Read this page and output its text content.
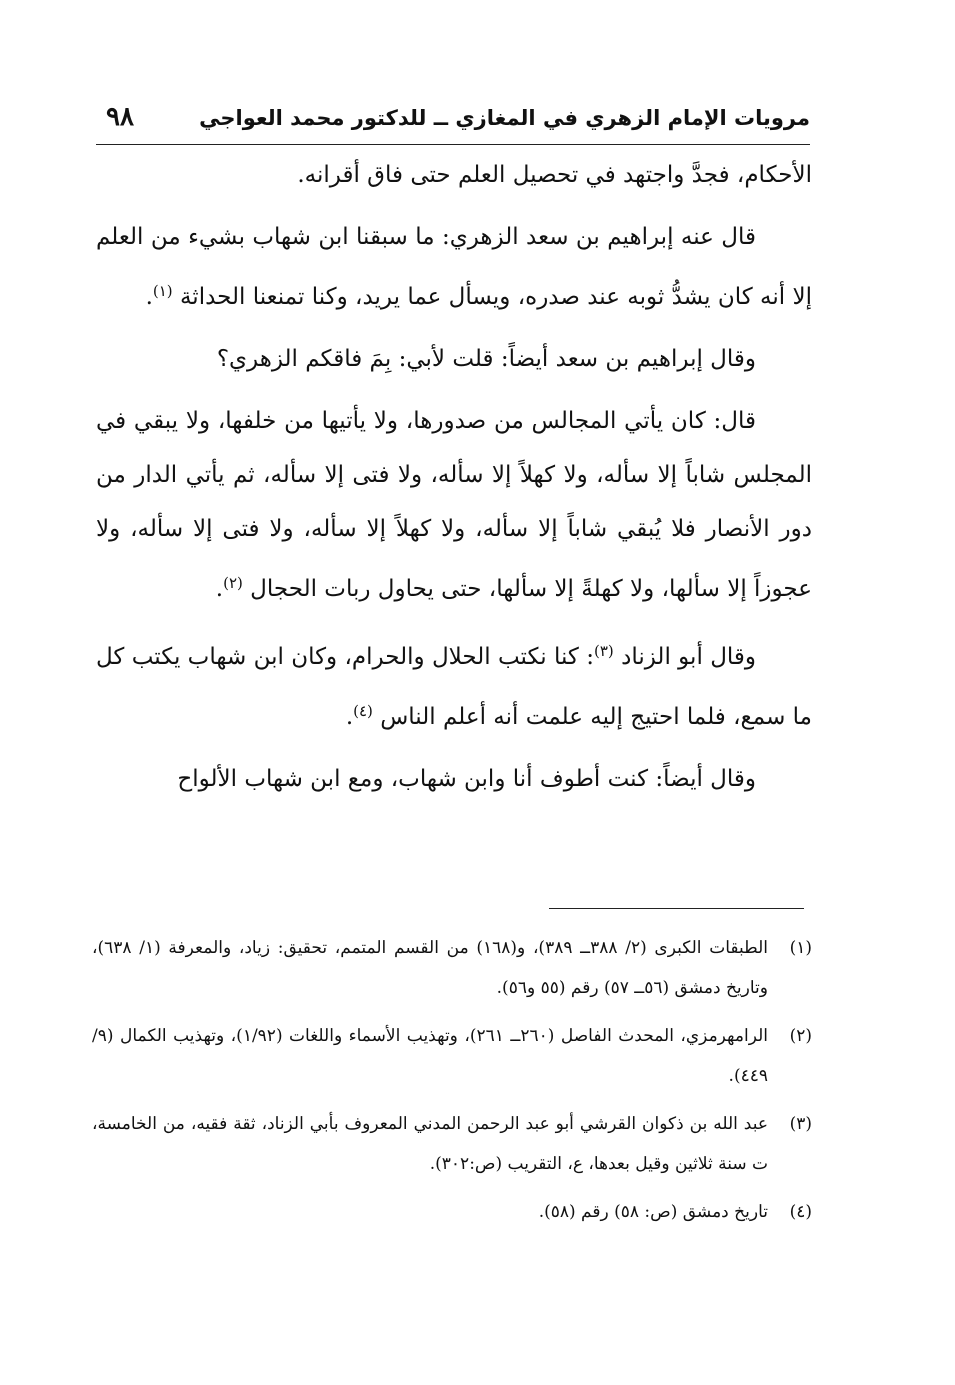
مرويات الإمام الزهري في المغازي ــ للدكتور محمد العواجي
٩٨

الأحكام، فجدَّ واجتهد في تحصيل العلم حتى فاق أقرانه.

قال عنه إبراهيم بن سعد الزهري: ما سبقنا ابن شهاب بشيء من العلم إلا أنه كان يشدُّ ثوبه عند صدره، ويسأل عما يريد، وكنا تمنعنا الحداثة $^{(١)}$.

وقال إبراهيم بن سعد أيضاً: قلت لأبي: بِمَ فاقكم الزهري؟

قال: كان يأتي المجالس من صدورها، ولا يأتيها من خلفها، ولا يبقي في المجلس شاباً إلا سأله، ولا كهلاً إلا سأله، ولا فتى إلا سأله، ثم يأتي الدار من دور الأنصار فلا يُبقي شاباً إلا سأله، ولا كهلاً إلا سأله، ولا فتى إلا سأله، ولا عجوزاً إلا سألها، ولا كهلةً إلا سألها، حتى يحاول ربات الحجال $^{(٢)}$.

وقال أبو الزناد $^{(٣)}$: كنا نكتب الحلال والحرام، وكان ابن شهاب يكتب كل ما سمع، فلما احتيج إليه علمت أنه أعلم الناس $^{(٤)}$.

وقال أيضاً: كنت أطوف أنا وابن شهاب، ومع ابن شهاب الألواح

(١)
الطبقات الكبرى (٢/ ٣٨٨ــ ٣٨٩)، و(١٦٨) من القسم المتمم، تحقيق: زياد، والمعرفة (١/ ٦٣٨)، وتاريخ دمشق (٥٦ــ ٥٧) رقم (٥٥ و٥٦).
(٢)
الرامهرمزي، المحدث الفاصل (٢٦٠ــ ٢٦١)، وتهذيب الأسماء واللغات (١/٩٢)، وتهذيب الكمال (٩/ ٤٤٩).
(٣)
عبد الله بن ذكوان القرشي أبو عبد الرحمن المدني المعروف بأبي الزناد، ثقة فقيه، من الخامسة، ت سنة ثلاثين وقيل بعدها، ع، التقريب (ص:٣٠٢).
(٤)
تاريخ دمشق (ص: ٥٨) رقم (٥٨).
